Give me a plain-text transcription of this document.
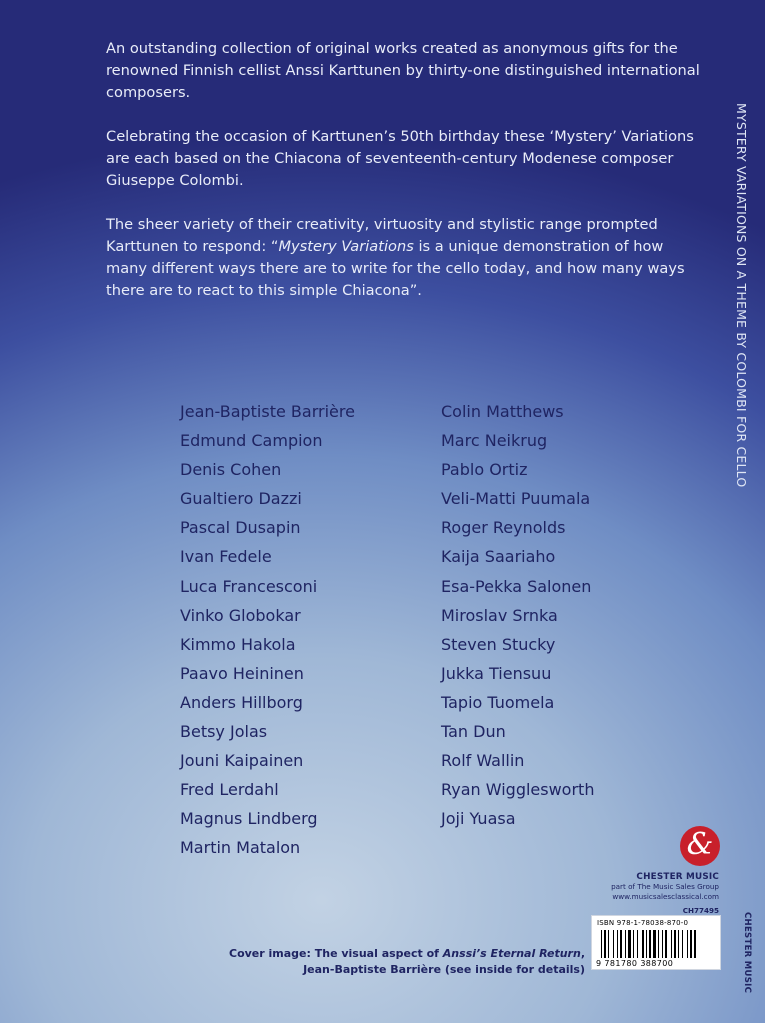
An outstanding collection of original works created as anonymous gifts for the renowned Finnish cellist Anssi Karttunen by thirty-one distinguished international composers.

Celebrating the occasion of Karttunen’s 50th birthday these ‘Mystery’ Variations are each based on the Chiacona of seventeenth-century Modenese composer Giuseppe Colombi.

The sheer variety of their creativity, virtuosity and stylistic range prompted Karttunen to respond: “Mystery Variations is a unique demonstration of how many different ways there are to write for the cello today, and how many ways there are to react to this simple Chiacona”.	MYSTERY VARIATIONS ON A THEME BY COLOMBI FOR CELLO
Jean-Baptiste Barrière
Edmund Campion
Denis Cohen
Gualtiero Dazzi
Pascal Dusapin
Ivan Fedele
Luca Francesconi
Vinko Globokar
Kimmo Hakola
Paavo Heininen
Anders Hillborg
Betsy Jolas
Jouni Kaipainen
Fred Lerdahl
Magnus Lindberg
Martin Matalon
Colin Matthews
Marc Neikrug
Pablo Ortiz
Veli-Matti Puumala
Roger Reynolds
Kaija Saariaho
Esa-Pekka Salonen
Miroslav Srnka
Steven Stucky
Jukka Tiensuu
Tapio Tuomela
Tan Dun
Rolf Wallin
Ryan Wigglesworth
Joji Yuasa
&
CHESTER MUSIC
part of The Music Sales Group
www.musicsalesclassical.com
CH77495
ISBN 978-1-78038-870-0
9 781780 388700
Cover image: The visual aspect of Anssi’s Eternal Return,
Jean-Baptiste Barrière (see inside for details)	CHESTER MUSIC
